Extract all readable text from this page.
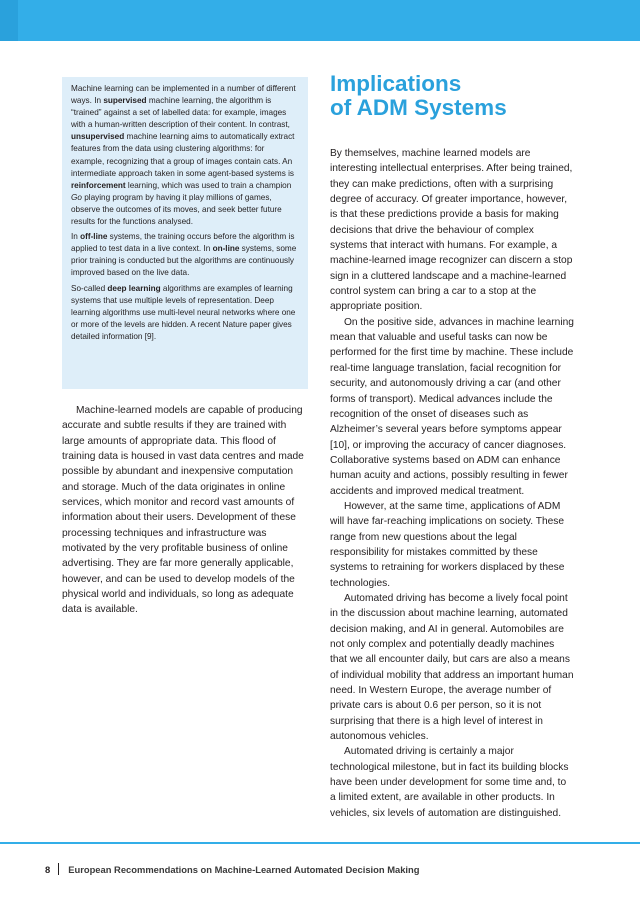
Machine learning can be implemented in a number of different ways. In supervised machine learning, the algorithm is “trained” against a set of labelled data: for example, images with a human-written description of their content. In contrast, unsupervised machine learning aims to automatically extract features from the data using clustering algorithms: for example, recognizing that a group of images contain cats. An intermediate approach taken in some agent-based systems is reinforcement learning, which was used to train a champion Go playing program by having it play millions of games, observe the outcomes of its moves, and seek better future results for the functions analysed.

In off-line systems, the training occurs before the algorithm is applied to test data in a live context. In on-line systems, some prior training is conducted but the algorithms are continuously improved based on the live data.

So-called deep learning algorithms are examples of learning systems that use multiple levels of representation. Deep learning algorithms use multi-level neural networks where one or more of the levels are hidden. A recent Nature paper gives detailed information [9].

Machine-learned models are capable of producing accurate and subtle results if they are trained with large amounts of appropriate data. This flood of training data is housed in vast data centres and made possible by abundant and inexpensive computation and storage. Much of the data originates in online services, which monitor and record vast amounts of information about their users. Development of these processing techniques and infrastructure was motivated by the very profitable business of online advertising. They are far more generally applicable, however, and can be used to develop models of the physical world and individuals, so long as adequate data is available.

Implications
of ADM Systems

By themselves, machine learned models are interesting intellectual enterprises. After being trained, they can make predictions, often with a surprising degree of accuracy. Of greater importance, however, is that these predictions provide a basis for making decisions that drive the behaviour of complex systems that interact with humans. For example, a machine-learned image recognizer can discern a stop sign in a cluttered landscape and a machine-learned control system can bring a car to a stop at the appropriate position.

On the positive side, advances in machine learning mean that valuable and useful tasks can now be performed for the first time by machine. These include real-time language translation, facial recognition for security, and autonomously driving a car (and other forms of transport). Medical advances include the recognition of the onset of diseases such as Alzheimer’s several years before symptoms appear [10], or improving the accuracy of cancer diagnoses. Collaborative systems based on ADM can enhance human acuity and actions, possibly resulting in fewer accidents and improved medical treatment.

However, at the same time, applications of ADM will have far-reaching implications on society. These range from new questions about the legal responsibility for mistakes committed by these systems to retraining for workers displaced by these technologies.

Automated driving has become a lively focal point in the discussion about machine learning, automated decision making, and AI in general. Automobiles are not only complex and potentially deadly machines that we all encounter daily, but cars are also a means of individual mobility that address an important human need. In Western Europe, the average number of private cars is about 0.6 per person, so it is not surprising that there is a high level of interest in autonomous vehicles.

Automated driving is certainly a major technological milestone, but in fact its building blocks have been under development for some time and, to a limited extent, are available in other products. In vehicles, six levels of automation are distinguished.

8 European Recommendations on Machine-Learned Automated Decision Making
